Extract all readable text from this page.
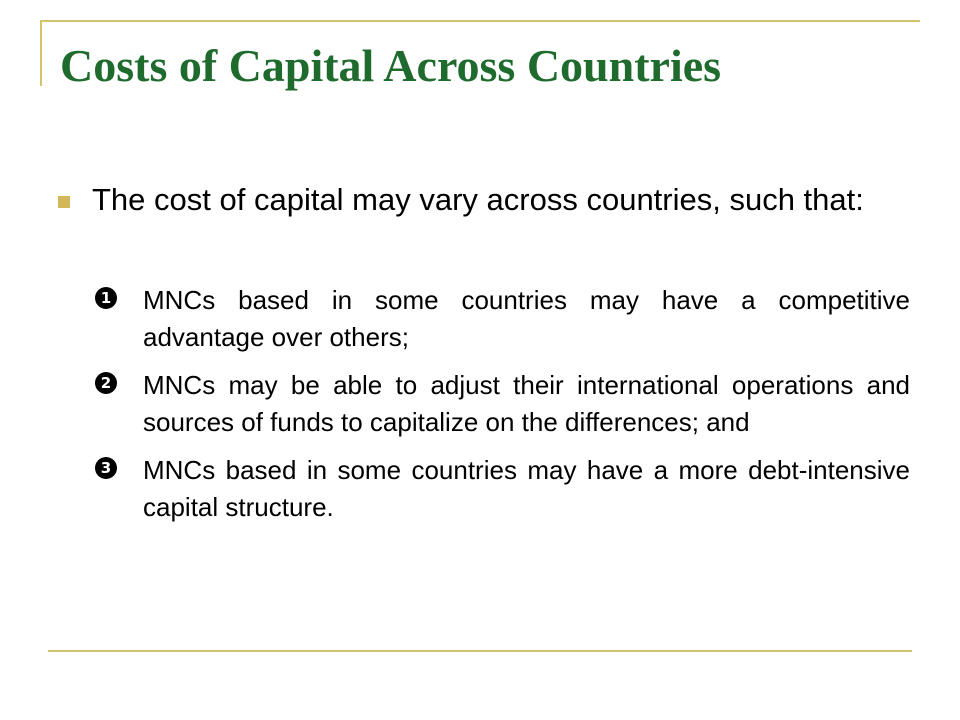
Costs of Capital Across Countries

The cost of capital may vary across countries, such that:

1 MNCs based in some countries may have a competitive advantage over others;

2 MNCs may be able to adjust their international operations and sources of funds to capitalize on the differences; and

3 MNCs based in some countries may have a more debt-intensive capital structure.
